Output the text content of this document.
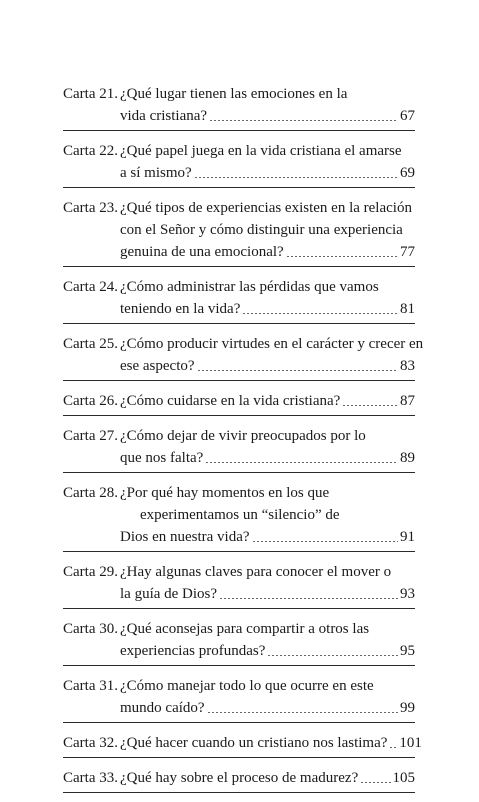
Carta 21. ¿Qué lugar tienen las emociones en la
vida cristiana?	67
Carta 22. ¿Qué papel juega en la vida cristiana el amarse
a sí mismo?	69
Carta 23. ¿Qué tipos de experiencias existen en la relación
con el Señor y cómo distinguir una experiencia
genuina de una emocional?	77
Carta 24. ¿Cómo administrar las pérdidas que vamos
teniendo en la vida?	81
Carta 25. ¿Cómo producir virtudes en el carácter y crecer en
ese aspecto?	83
Carta 26. ¿Cómo cuidarse en la vida cristiana?	87
Carta 27. ¿Cómo dejar de vivir preocupados por lo
que nos falta?	89
Carta 28. ¿Por qué hay momentos en los que
experimentamos un “silencio” de
Dios en nuestra vida?	91
Carta 29. ¿Hay algunas claves para conocer el mover o
la guía de Dios?	93
Carta 30. ¿Qué aconsejas para compartir a otros las
experiencias profundas?	95
Carta 31. ¿Cómo manejar todo lo que ocurre en este
mundo caído?	99
Carta 32. ¿Qué hacer cuando un cristiano nos lastima? 101
Carta 33. ¿Qué hay sobre el proceso de madurez? 105
